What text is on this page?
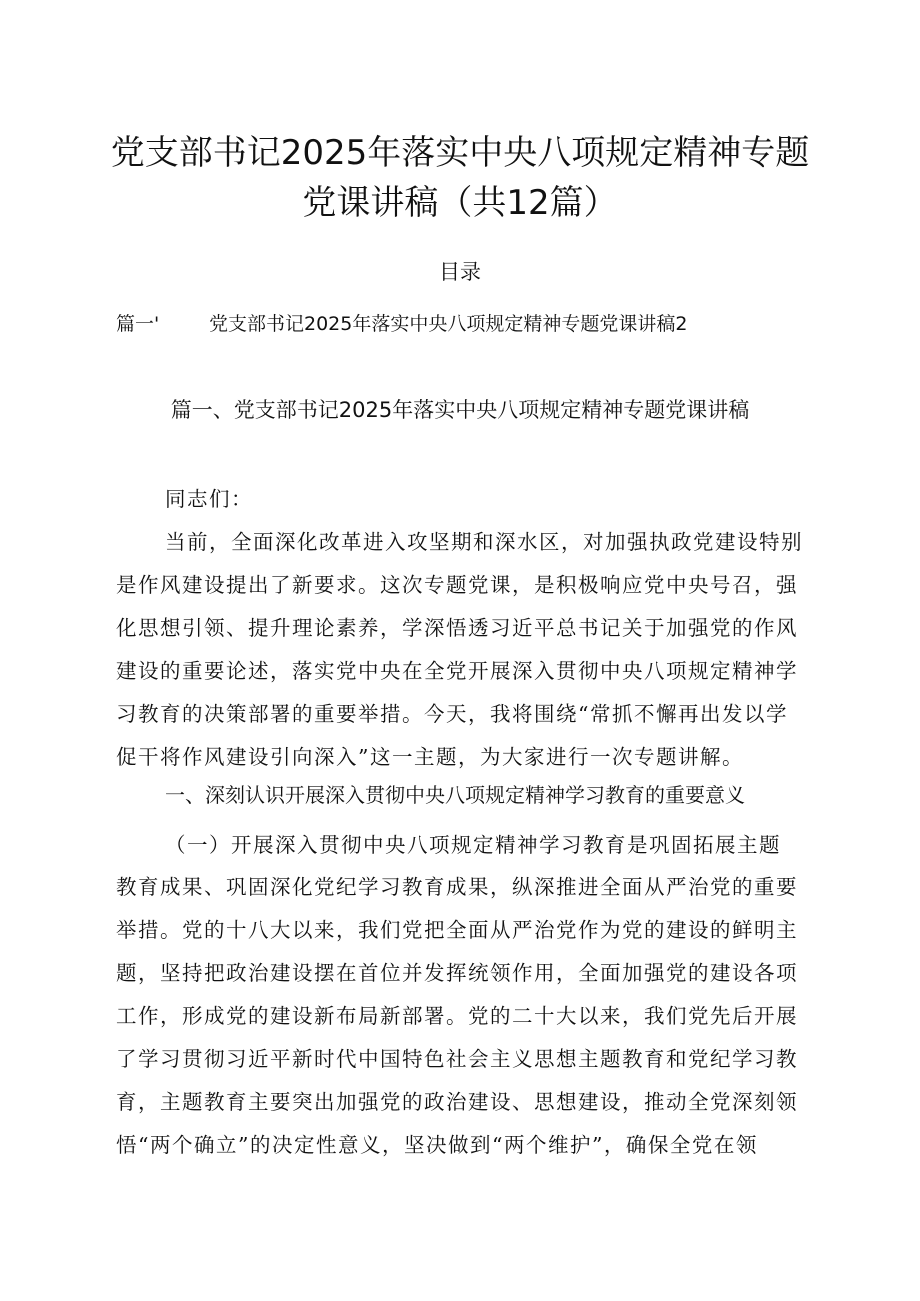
党支部书记2025年落实中央八项规定精神专题
党课讲稿（共12篇）
目录
篇一'	党支部书记2025年落实中央八项规定精神专题党课讲稿2
篇一、党支部书记2025年落实中央八项规定精神专题党课讲稿
同志们：
当前，全面深化改革进入攻坚期和深水区，对加强执政党建设特别
是作风建设提出了新要求。这次专题党课，是积极响应党中央号召，强
化思想引领、提升理论素养，学深悟透习近平总书记关于加强党的作风
建设的重要论述，落实党中央在全党开展深入贯彻中央八项规定精神学
习教育的决策部署的重要举措。今天，我将围绕“常抓不懈再出发以学
促干将作风建设引向深入”这一主题，为大家进行一次专题讲解。
一、深刻认识开展深入贯彻中央八项规定精神学习教育的重要意义
（一）开展深入贯彻中央八项规定精神学习教育是巩固拓展主题
教育成果、巩固深化党纪学习教育成果，纵深推进全面从严治党的重要
举措。党的十八大以来，我们党把全面从严治党作为党的建设的鲜明主
题，坚持把政治建设摆在首位并发挥统领作用，全面加强党的建设各项
工作，形成党的建设新布局新部署。党的二十大以来，我们党先后开展
了学习贯彻习近平新时代中国特色社会主义思想主题教育和党纪学习教
育，主题教育主要突出加强党的政治建设、思想建设，推动全党深刻领
悟“两个确立”的决定性意义，坚决做到“两个维护”，确保全党在领
